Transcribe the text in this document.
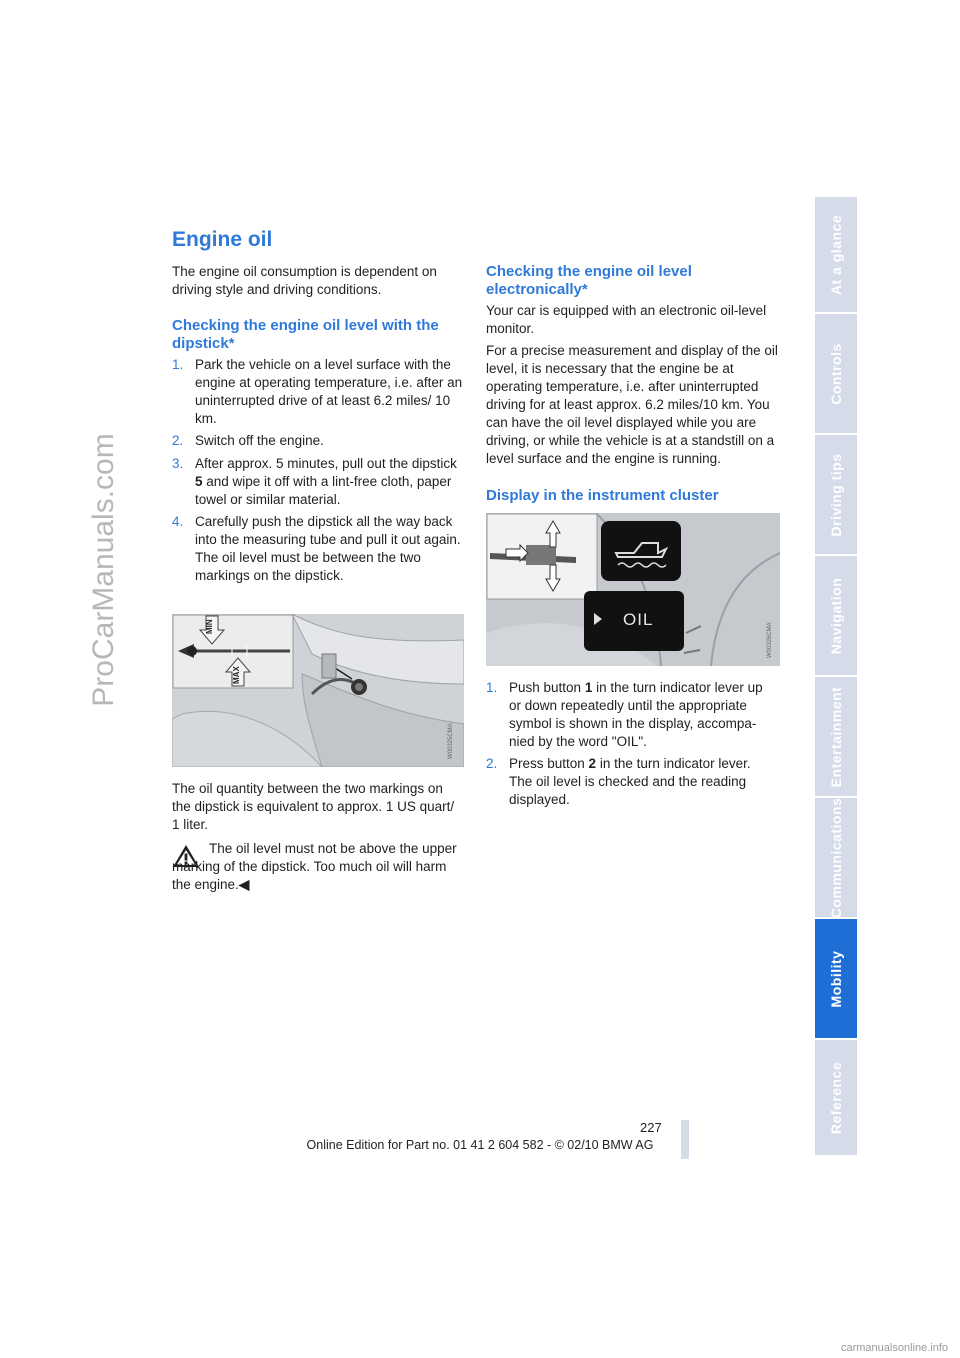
ProCarManuals.com
At a glance
Controls
Driving tips
Navigation
Entertainment
Communications
Mobility
Reference
Engine oil

The engine oil consumption is dependent on driving style and driving conditions.

Checking the engine oil level with the dipstick*
1. Park the vehicle on a level surface with the engine at operating temperature, i.e. after an uninterrupted drive of at least 6.2 miles/ 10 km.
2. Switch off the engine.
3. After approx. 5 minutes, pull out the dipstick 5 and wipe it off with a lint-free cloth, paper towel or similar material.
4. Carefully push the dipstick all the way back into the measuring tube and pull it out again.
The oil level must be between the two markings on the dipstick.
MIN
MAX
W00325CMA

The oil quantity between the two markings on the dipstick is equivalent to approx. 1 US quart/ 1 liter.

The oil level must not be above the upper marking of the dipstick. Too much oil will harm the engine.◀

Checking the engine oil level electronically*

Your car is equipped with an electronic oil-level monitor.

For a precise measurement and display of the oil level, it is necessary that the engine be at operating temperature, i.e. after uninterrupted driving for at least approx. 6.2 miles/10 km. You can have the oil level displayed while you are driving, or while the vehicle is at a standstill on a level surface and the engine is running.

Display in the instrument cluster
OIL
W00326CMA
1. Push button 1 in the turn indicator lever up or down repeatedly until the appropriate symbol is shown in the display, accompa-nied by the word "OIL".
2. Press button 2 in the turn indicator lever.
The oil level is checked and the reading displayed.
227
Online Edition for Part no. 01 41 2 604 582 - © 02/10 BMW AG
carmanualsonline.info
